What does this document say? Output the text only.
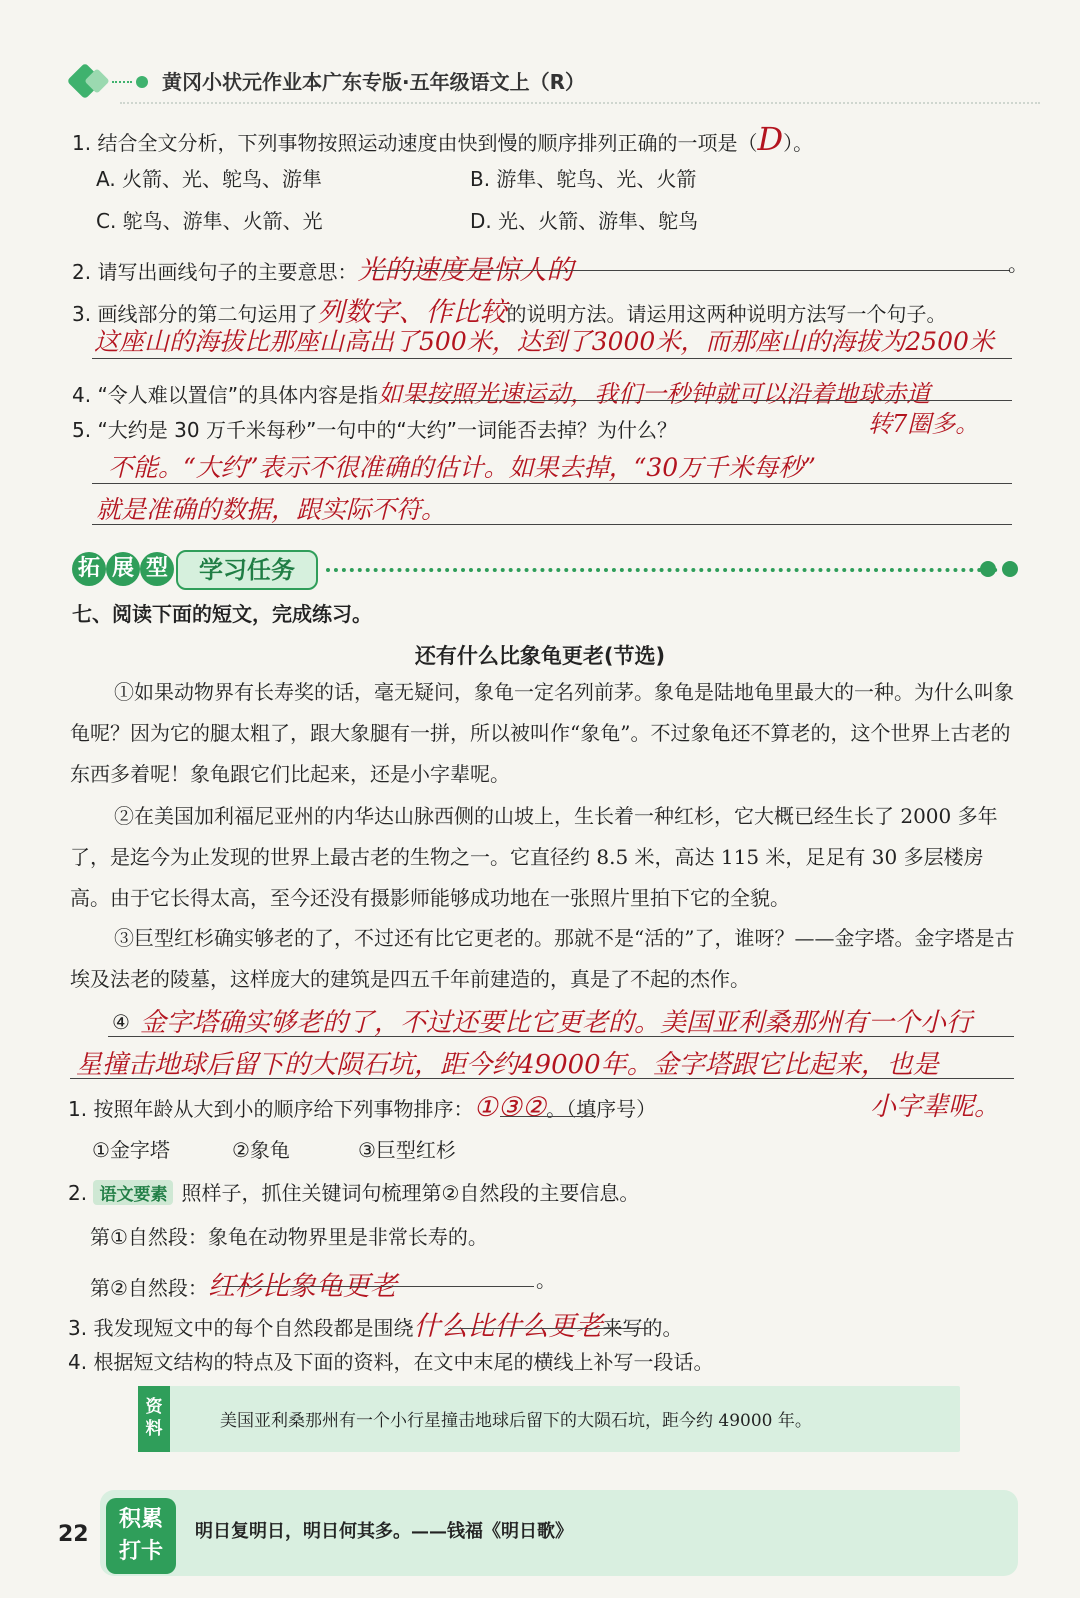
黄冈小状元作业本广东专版·五年级语文上（R）
1. 结合全文分析，下列事物按照运动速度由快到慢的顺序排列正确的一项是（D）。
A. 火箭、光、鸵鸟、游隼	B. 游隼、鸵鸟、光、火箭
C. 鸵鸟、游隼、火箭、光	D. 光、火箭、游隼、鸵鸟
2. 请写出画线句子的主要意思：光的速度是惊人的	。
3. 画线部分的第二句运用了列数字、作比较的说明方法。请运用这两种说明方法写一个句子。
这座山的海拔比那座山高出了500米，达到了3000米，而那座山的海拔为2500米
4. “令人难以置信”的具体内容是指如果按照光速运动，我们一秒钟就可以沿着地球赤道
转7圈多。
5. “大约是 30 万千米每秒”一句中的“大约”一词能否去掉？为什么？
不能。“大约”表示不很准确的估计。如果去掉，“30万千米每秒”
就是准确的数据，跟实际不符。
拓 展 型	学习任务
七、阅读下面的短文，完成练习。
还有什么比象龟更老(节选)
①如果动物界有长寿奖的话，毫无疑问，象龟一定名列前茅。象龟是陆地龟里最大的一种。为什么叫象龟呢？因为它的腿太粗了，跟大象腿有一拼，所以被叫作“象龟”。不过象龟还不算老的，这个世界上古老的东西多着呢！象龟跟它们比起来，还是小字辈呢。
②在美国加利福尼亚州的内华达山脉西侧的山坡上，生长着一种红杉，它大概已经生长了 2000 多年了，是迄今为止发现的世界上最古老的生物之一。它直径约 8.5 米，高达 115 米，足足有 30 多层楼房高。由于它长得太高，至今还没有摄影师能够成功地在一张照片里拍下它的全貌。
③巨型红杉确实够老的了，不过还有比它更老的。那就不是“活的”了，谁呀？——金字塔。金字塔是古埃及法老的陵墓，这样庞大的建筑是四五千年前建造的，真是了不起的杰作。
④ 金字塔确实够老的了，不过还要比它更老的。美国亚利桑那州有一个小行
星撞击地球后留下的大陨石坑，距今约49000年。金字塔跟它比起来，也是
小字辈呢。
1. 按照年龄从大到小的顺序给下列事物排序：①③②。（填序号）
①金字塔	②象龟	③巨型红杉
2. 语文要素 照样子，抓住关键词句梳理第②自然段的主要信息。
第①自然段：象龟在动物界里是非常长寿的。
第②自然段：红杉比象龟更老	。
3. 我发现短文中的每个自然段都是围绕什么比什么更老来写的。
4. 根据短文结构的特点及下面的资料，在文中末尾的横线上补写一段话。
资料	美国亚利桑那州有一个小行星撞击地球后留下的大陨石坑，距今约 49000 年。
22
积累
打卡
明日复明日，明日何其多。——钱福《明日歌》
